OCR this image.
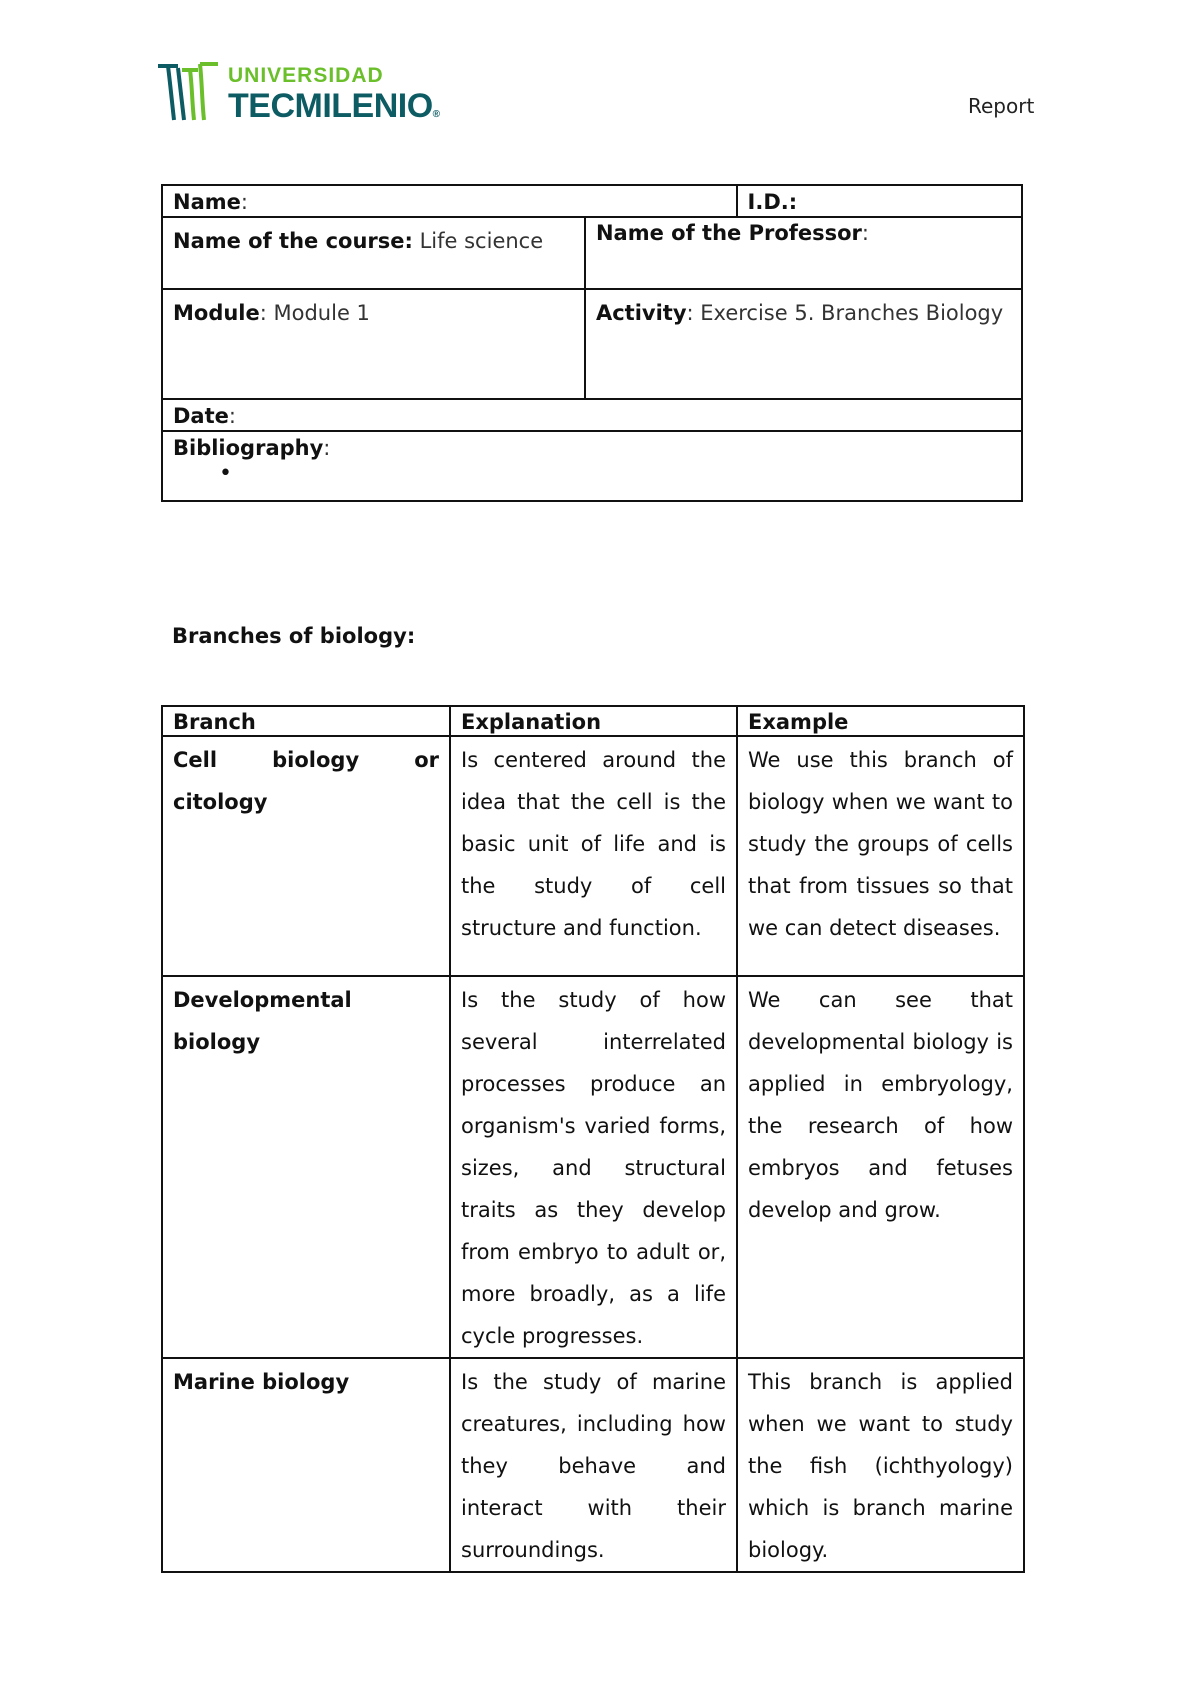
UNIVERSIDAD
TECMILENIO®	Report
Name:		I.D.:
Name of the course: Life science	Name of the Professor:	
Module: Module 1	Activity: Exercise 5. Branches Biology	
Date:		
Bibliography:
•		
Branches of biology:
Branch	Explanation	Example
Cell biology or citology	Is centered around the idea that the cell is the basic unit of life and is the study of cell structure and function.	We use this branch of biology when we want to study the groups of cells that from tissues so that we can detect diseases.
Developmental biology	Is the study of how several interrelated processes produce an organism's varied forms, sizes, and structural traits as they develop from embryo to adult or, more broadly, as a life cycle progresses.	We can see that developmental biology is applied in embryology, the research of how embryos and fetuses develop and grow.
Marine biology	Is the study of marine creatures, including how they behave and interact with their surroundings.	This branch is applied when we want to study the fish (ichthyology) which is branch marine biology.
